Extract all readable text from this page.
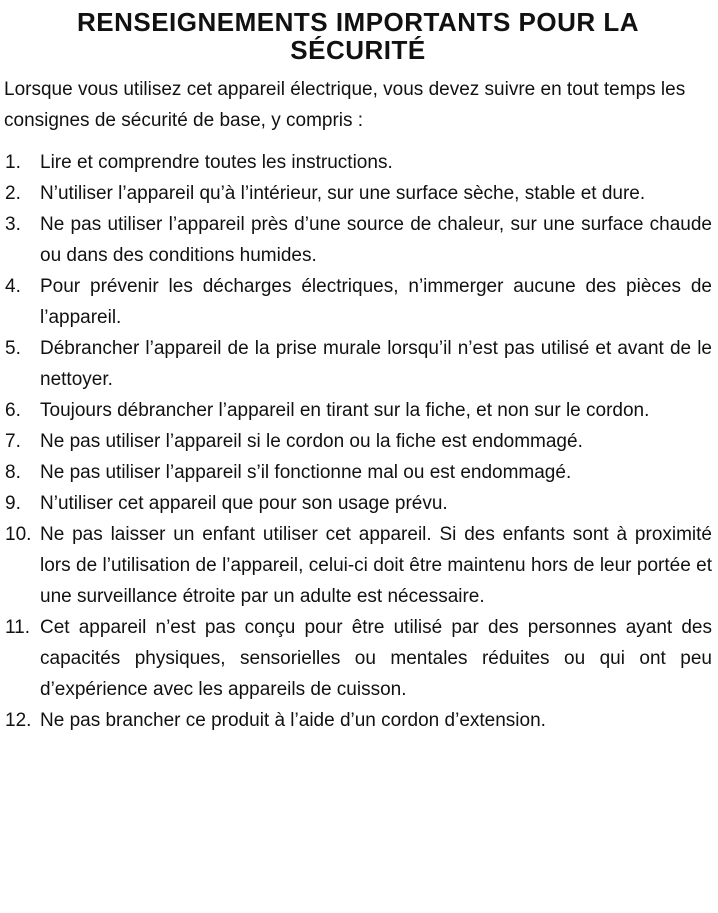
RENSEIGNEMENTS IMPORTANTS POUR LA
SÉCURITÉ

Lorsque vous utilisez cet appareil électrique, vous devez suivre en tout temps les consignes de sécurité de base, y compris :

1.	Lire et comprendre toutes les instructions.
2.	N’utiliser l’appareil qu’à l’intérieur, sur une surface sèche, stable et dure.
3.	Ne pas utiliser l’appareil près d’une source de chaleur, sur une surface chaude ou dans des conditions humides.
4.	Pour prévenir les décharges électriques, n’immerger aucune des pièces de l’appareil.
5.	Débrancher l’appareil de la prise murale lorsqu’il n’est pas utilisé et avant de le nettoyer.
6.	Toujours débrancher l’appareil en tirant sur la fiche, et non sur le cordon.
7.	Ne pas utiliser l’appareil si le cordon ou la fiche est endommagé.
8.	Ne pas utiliser l’appareil s’il fonctionne mal ou est endommagé.
9.	N’utiliser cet appareil que pour son usage prévu.
10. Ne pas laisser un enfant utiliser cet appareil. Si des enfants sont à proximité lors de l’utilisation de l’appareil, celui-ci doit être maintenu hors de leur portée et une surveillance étroite par un adulte est nécessaire.
11. Cet appareil n’est pas conçu pour être utilisé par des personnes ayant des capacités physiques, sensorielles ou mentales réduites ou qui ont peu d’expérience avec les appareils de cuisson.
12. Ne pas brancher ce produit à l’aide d’un cordon d’extension.
